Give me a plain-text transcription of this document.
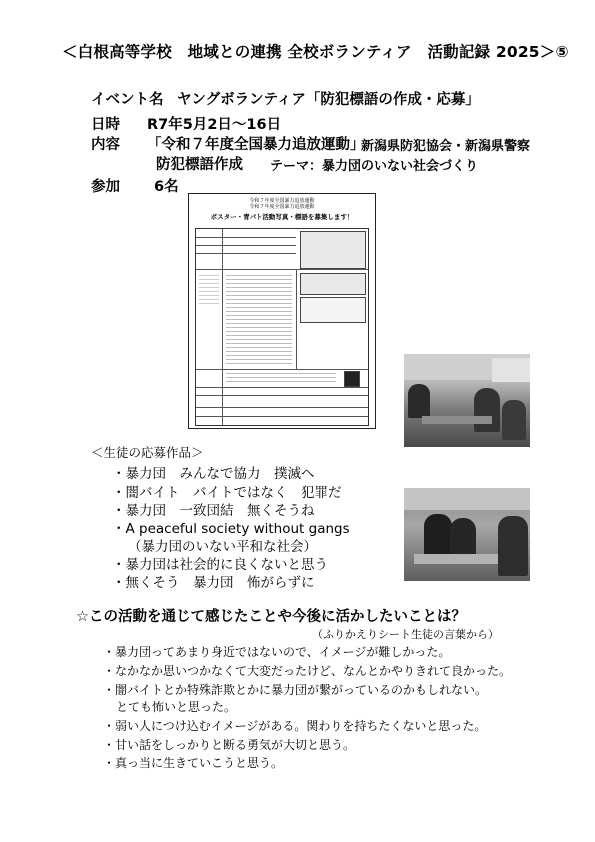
＜白根高等学校　地域との連携 全校ボランティア　活動記録 2025＞⑤
イベント名 ヤングボランティア「防犯標語の作成・応募」
日時 R7年5月2日～16日
内容 「令和７年度全国暴力追放運動」
新潟県防犯協会・新潟県警察
防犯標語作成 テーマ：暴力団のいない社会づくり
参加 6名
令和７年度全国暴力追放運動
令和７年度全国暴力追放運動
ポスター・青パト活動写真・標語を募集します！
＜生徒の応募作品＞
・暴力団　みんなで協力　撲滅へ
・闇バイト　バイトではなく　犯罪だ
・暴力団　一致団結　無くそうね
・A peaceful society without gangs
（暴力団のいない平和な社会）
・暴力団は社会的に良くないと思う
・無くそう　暴力団　怖がらずに
☆この活動を通じて感じたことや今後に活かしたいことは？
（ふりかえりシート生徒の言葉から）
・暴力団ってあまり身近ではないので、イメージが難しかった。
・なかなか思いつかなくて大変だったけど、なんとかやりきれて良かった。
・闇バイトとか特殊詐欺とかに暴力団が繋がっているのかもしれない。
とても怖いと思った。
・弱い人につけ込むイメージがある。関わりを持ちたくないと思った。
・甘い話をしっかりと断る勇気が大切と思う。
・真っ当に生きていこうと思う。
